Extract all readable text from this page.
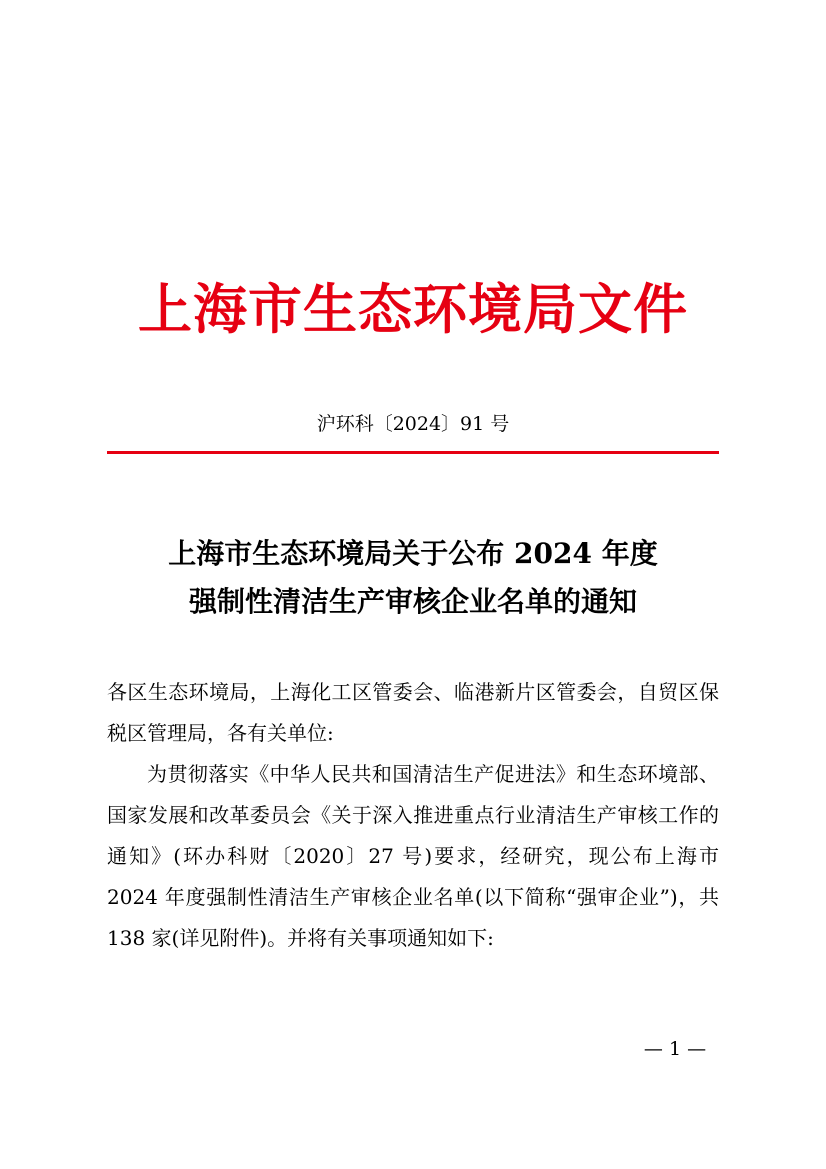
上海市生态环境局文件
沪环科〔2024〕91 号
上海市生态环境局关于公布 2024 年度
强制性清洁生产审核企业名单的通知

各区生态环境局，上海化工区管委会、临港新片区管委会，自贸区保税区管理局，各有关单位:

为贯彻落实《中华人民共和国清洁生产促进法》和生态环境部、国家发展和改革委员会《关于深入推进重点行业清洁生产审核工作的通知》(环办科财〔2020〕27 号)要求，经研究，现公布上海市 2024 年度强制性清洁生产审核企业名单(以下简称“强审企业”)，共 138 家(详见附件)。并将有关事项通知如下:

— 1 —
